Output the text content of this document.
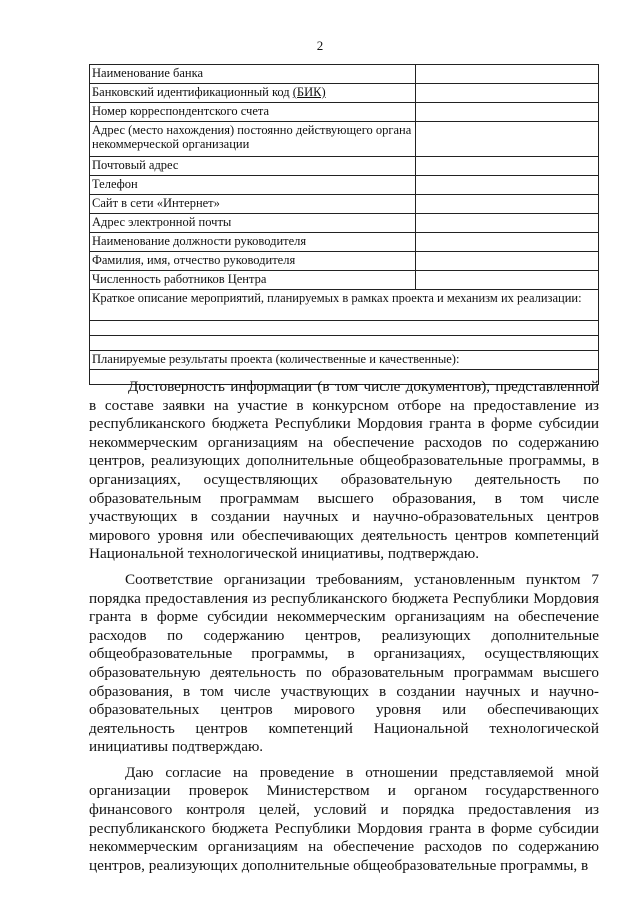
2
Наименование банка	
Банковский идентификационный код (БИК)	
Номер корреспондентского счета	
Адрес (место нахождения) постоянно действующего органа некоммерческой организации	
Почтовый адрес	
Телефон	
Сайт в сети «Интернет»	
Адрес электронной почты	
Наименование должности руководителя	
Фамилия, имя, отчество руководителя	
Численность работников Центра	
Краткое описание мероприятий, планируемых в рамках проекта и механизм их реализации:	

Планируемые результаты проекта (количественные и качественные):	

Достоверность информации (в том числе документов), представленной в составе заявки на участие в конкурсном отборе на предоставление из республиканского бюджета Республики Мордовия гранта в форме субсидии некоммерческим организациям на обеспечение расходов по содержанию центров, реализующих дополнительные общеобразовательные программы, в организациях, осуществляющих образовательную деятельность по образовательным программам высшего образования, в том числе участвующих в создании научных и научно-образовательных центров мирового уровня или обеспечивающих деятельность центров компетенций Национальной технологической инициативы, подтверждаю.

Соответствие организации требованиям, установленным пунктом 7 порядка предоставления из республиканского бюджета Республики Мордовия гранта в форме субсидии некоммерческим организациям на обеспечение расходов по содержанию центров, реализующих дополнительные общеобразовательные программы, в организациях, осуществляющих образовательную деятельность по образовательным программам высшего образования, в том числе участвующих в создании научных и научно-образовательных центров мирового уровня или обеспечивающих деятельность центров компетенций Национальной технологической инициативы подтверждаю.

Даю согласие на проведение в отношении представляемой мной организации проверок Министерством и органом государственного финансового контроля целей, условий и порядка предоставления из республиканского бюджета Республики Мордовия гранта в форме субсидии некоммерческим организациям на обеспечение расходов по содержанию центров, реализующих дополнительные общеобразовательные программы, в
